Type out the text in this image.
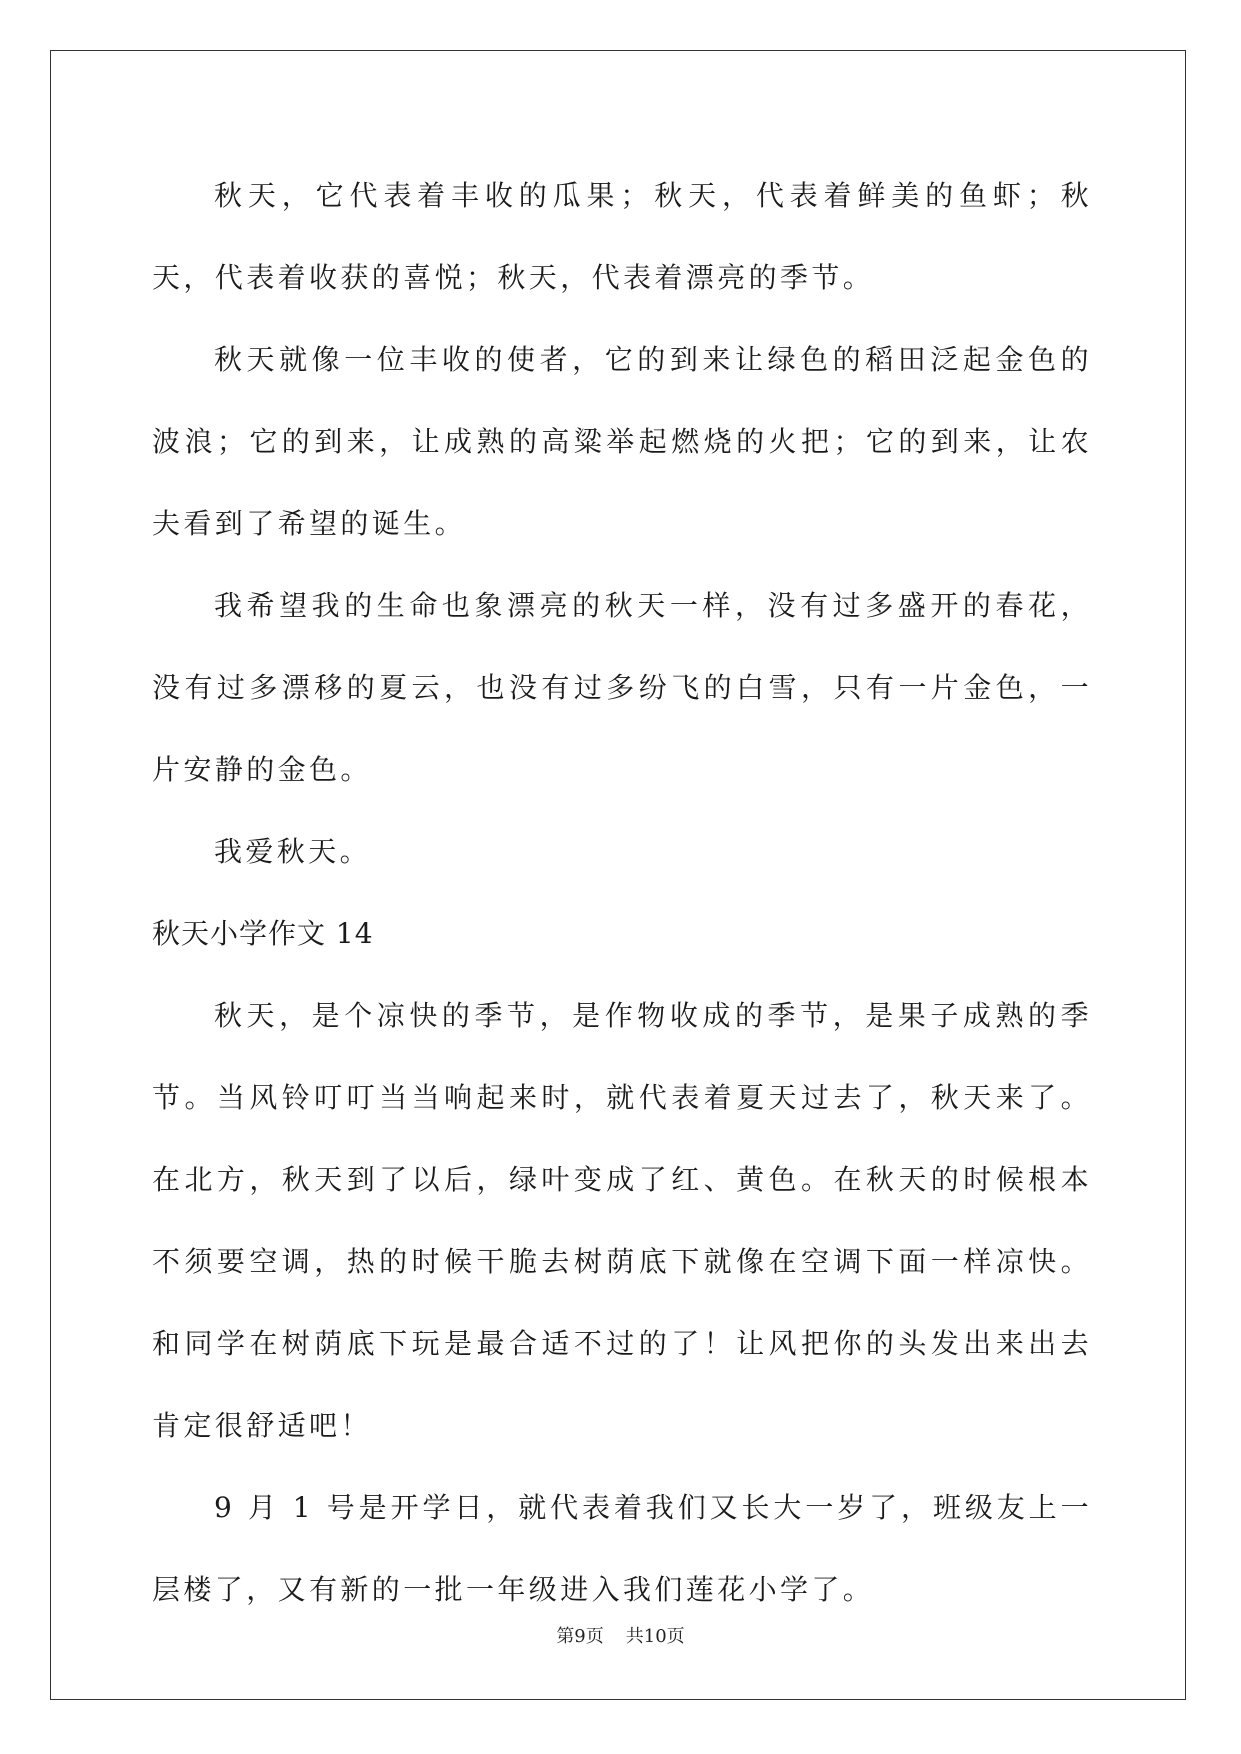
秋天，它代表着丰收的瓜果；秋天，代表着鲜美的鱼虾；秋天，代表着收获的喜悦；秋天，代表着漂亮的季节。

秋天就像一位丰收的使者，它的到来让绿色的稻田泛起金色的波浪；它的到来，让成熟的高粱举起燃烧的火把；它的到来，让农夫看到了希望的诞生。

我希望我的生命也象漂亮的秋天一样，没有过多盛开的春花，没有过多漂移的夏云，也没有过多纷飞的白雪，只有一片金色，一片安静的金色。

我爱秋天。

秋天小学作文 14

秋天，是个凉快的季节，是作物收成的季节，是果子成熟的季节。当风铃叮叮当当响起来时，就代表着夏天过去了，秋天来了。在北方，秋天到了以后，绿叶变成了红、黄色。在秋天的时候根本不须要空调，热的时候干脆去树荫底下就像在空调下面一样凉快。和同学在树荫底下玩是最合适不过的了！让风把你的头发出来出去肯定很舒适吧！

9 月 1 号是开学日，就代表着我们又长大一岁了，班级友上一层楼了，又有新的一批一年级进入我们莲花小学了。

第9页 共10页
